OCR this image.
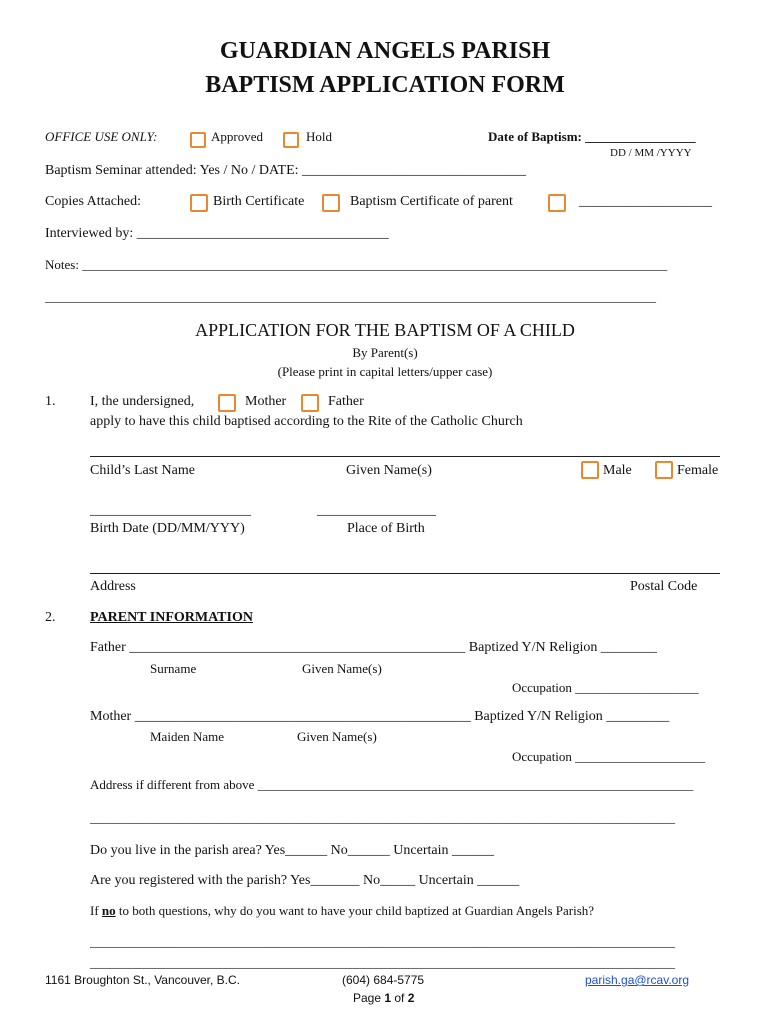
GUARDIAN ANGELS PARISH
BAPTISM APPLICATION FORM
OFFICE USE ONLY:	Approved	Hold	Date of Baptism: _________________
DD / MM /YYYY
Baptism Seminar attended: Yes / No / DATE: ________________________________
Copies Attached:	Birth Certificate	Baptism Certificate of parent	___________________
Interviewed by: ____________________________________
Notes: __________________________________________________________________________________________
______________________________________________________________________________________________
APPLICATION FOR THE BAPTISM OF A CHILD
By Parent(s)
(Please print in capital letters/upper case)
1. I, the undersigned,	Mother	Father
apply to have this child baptised according to the Rite of the Catholic Church
Child’s Last Name	Given Name(s)	Male	Female
_______________________	_________________
Birth Date (DD/MM/YYY)	Place of Birth
Address	Postal Code
2. PARENT INFORMATION
Father ________________________________________________ Baptized Y/N Religion ________
Surname	Given Name(s)
Occupation ___________________
Mother ________________________________________________ Baptized Y/N Religion _________
Maiden Name	Given Name(s)
Occupation ____________________
Address if different from above ___________________________________________________________________
__________________________________________________________________________________________
Do you live in the parish area? Yes______ No______ Uncertain ______
Are you registered with the parish? Yes_______ No_____ Uncertain ______
If no to both questions, why do you want to have your child baptized at Guardian Angels Parish?
__________________________________________________________________________________________
__________________________________________________________________________________________
1161 Broughton St., Vancouver, B.C.	(604) 684-5775	parish.ga@rcav.org
Page 1 of 2
